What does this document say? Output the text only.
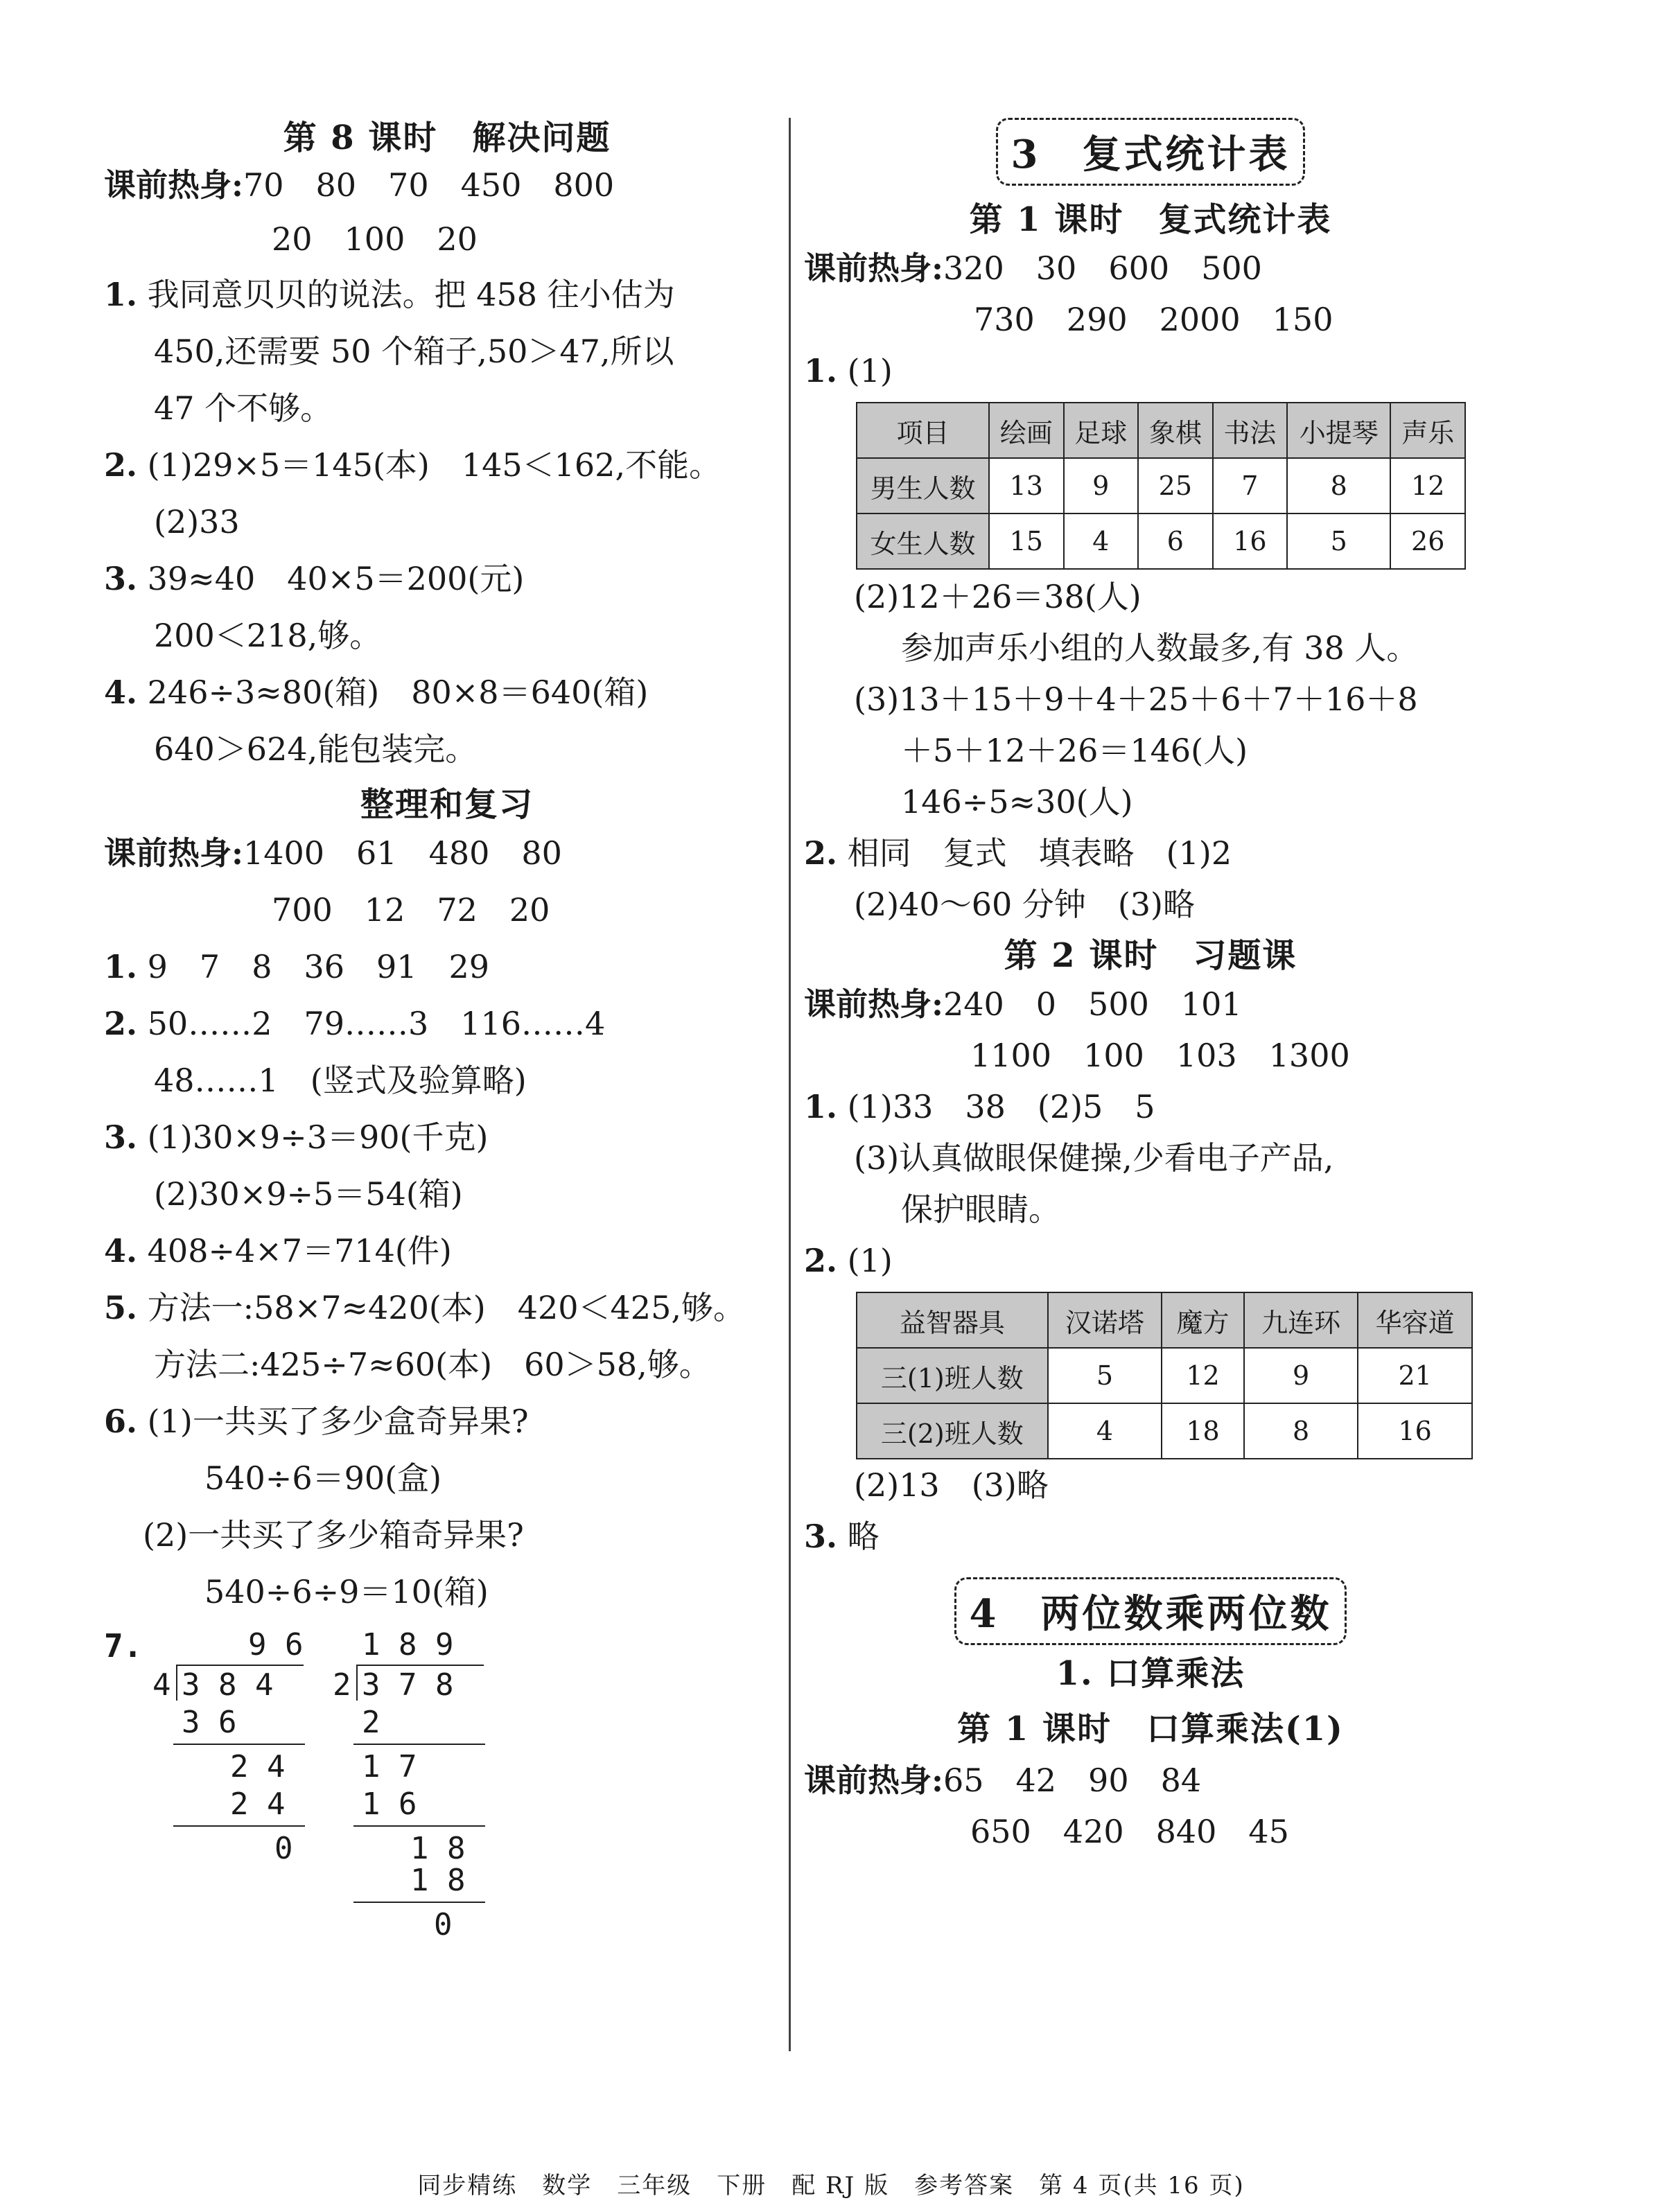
第 8 课时　解决问题

课前热身:70　80　70　450　800

20　100　20

1. 我同意贝贝的说法。把 458 往小估为

450,还需要 50 个箱子,50＞47,所以

47 个不够。

2. (1)29×5＝145(本)　145＜162,不能。

(2)33

3. 39≈40　40×5＝200(元)

200＜218,够。

4. 246÷3≈80(箱)　80×8＝640(箱)

640＞624,能包装完。

整理和复习

课前热身:1400　61　480　80

700　12　72　20

1. 9　7　8　36　91　29

2. 50……2　79……3　116……4

48……1　(竖式及验算略)

3. (1)30×9÷3＝90(千克)

(2)30×9÷5＝54(箱)

4. 408÷4×7＝714(件)

5. 方法一:58×7≈420(本)　420＜425,够。

方法二:425÷7≈60(本)　60＞58,够。

6. (1)一共买了多少盒奇异果?

540÷6＝90(盒)

(2)一共买了多少箱奇异果?

540÷6÷9＝10(箱)

7.	9 6
4 3 8 4
3 6
2 4
2 4
0
1 8 9
2 3 7 8
2
1 7
1 6
1 8
1 8
0
3　复式统计表

第 1 课时　复式统计表

课前热身:320　30　600　500

730　290　2000　150

1. (1)

项目	绘画	足球	象棋	书法	小提琴	声乐
男生人数	13	9	25	7	8	12
女生人数	15	4	6	16	5	26

(2)12＋26＝38(人)

参加声乐小组的人数最多,有 38 人。

(3)13＋15＋9＋4＋25＋6＋7＋16＋8

＋5＋12＋26＝146(人)

146÷5≈30(人)

2. 相同　复式　填表略　(1)2

(2)40～60 分钟　(3)略

第 2 课时　习题课

课前热身:240　0　500　101

1100　100　103　1300

1. (1)33　38　(2)5　5

(3)认真做眼保健操,少看电子产品,

保护眼睛。

2. (1)

益智器具	汉诺塔	魔方	九连环	华容道
三(1)班人数	5	12	9	21
三(2)班人数	4	18	8	16

(2)13　(3)略

3. 略

4　两位数乘两位数

1. 口算乘法

第 1 课时　口算乘法(1)

课前热身:65　42　90　84

650　420　840　45

同步精练　数学　三年级　下册　配 RJ 版　参考答案　第 4 页(共 16 页)
